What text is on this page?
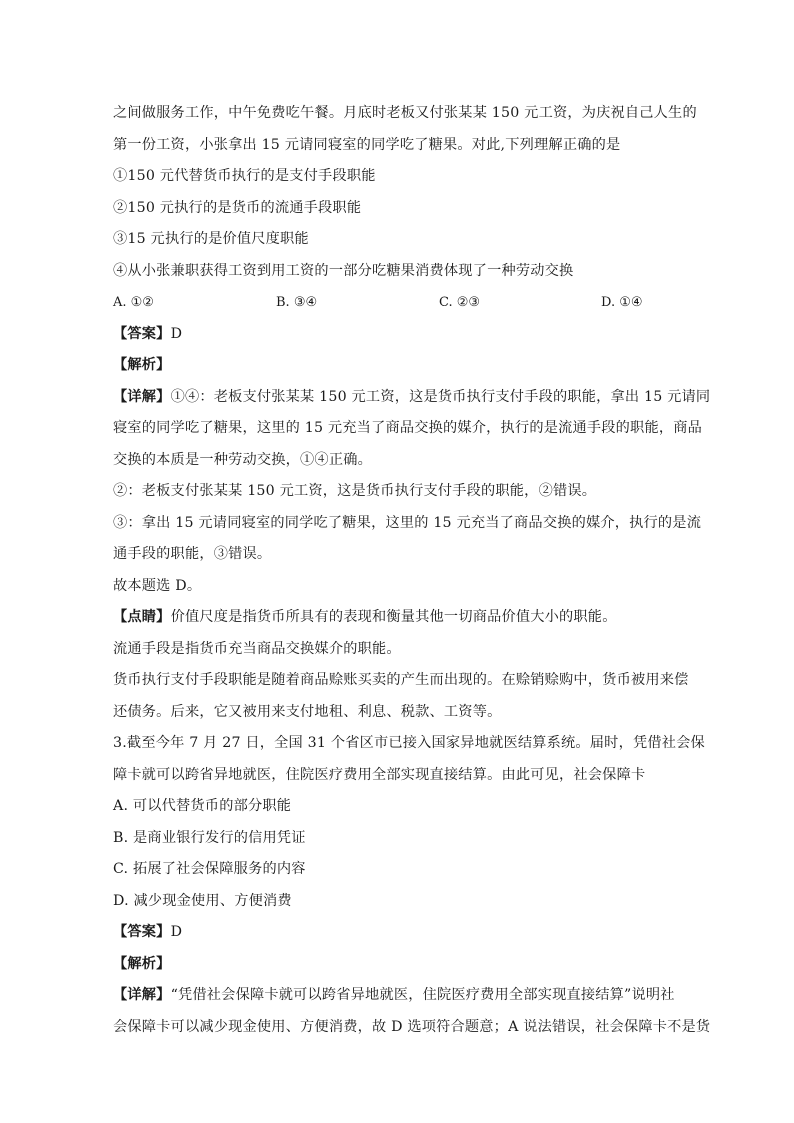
之间做服务工作，中午免费吃午餐。月底时老板又付张某某 150 元工资，为庆祝自己人生的
第一份工资，小张拿出 15 元请同寝室的同学吃了糖果。对此,下列理解正确的是
①150 元代替货币执行的是支付手段职能
②150 元执行的是货币的流通手段职能
③15 元执行的是价值尺度职能
④从小张兼职获得工资到用工资的一部分吃糖果消费体现了一种劳动交换
A. ①②	B. ③④	C. ②③	D. ①④
【答案】D
【解析】
【详解】①④：老板支付张某某 150 元工资，这是货币执行支付手段的职能，拿出 15 元请同
寝室的同学吃了糖果，这里的 15 元充当了商品交换的媒介，执行的是流通手段的职能，商品
交换的本质是一种劳动交换，①④正确。
②：老板支付张某某 150 元工资，这是货币执行支付手段的职能，②错误。
③：拿出 15 元请同寝室的同学吃了糖果，这里的 15 元充当了商品交换的媒介，执行的是流
通手段的职能，③错误。
故本题选 D。
【点睛】价值尺度是指货币所具有的表现和衡量其他一切商品价值大小的职能。
流通手段是指货币充当商品交换媒介的职能。
货币执行支付手段职能是随着商品赊账买卖的产生而出现的。在赊销赊购中，货币被用来偿
还债务。后来，它又被用来支付地租、利息、税款、工资等。
3.截至今年 7 月 27 日，全国 31 个省区市已接入国家异地就医结算系统。届时，凭借社会保
障卡就可以跨省异地就医，住院医疗费用全部实现直接结算。由此可见，社会保障卡
A. 可以代替货币的部分职能
B. 是商业银行发行的信用凭证
C. 拓展了社会保障服务的内容
D. 减少现金使用、方便消费
【答案】D
【解析】
【详解】“凭借社会保障卡就可以跨省异地就医，住院医疗费用全部实现直接结算”说明社
会保障卡可以减少现金使用、方便消费，故 D 选项符合题意；A 说法错误，社会保障卡不是货
